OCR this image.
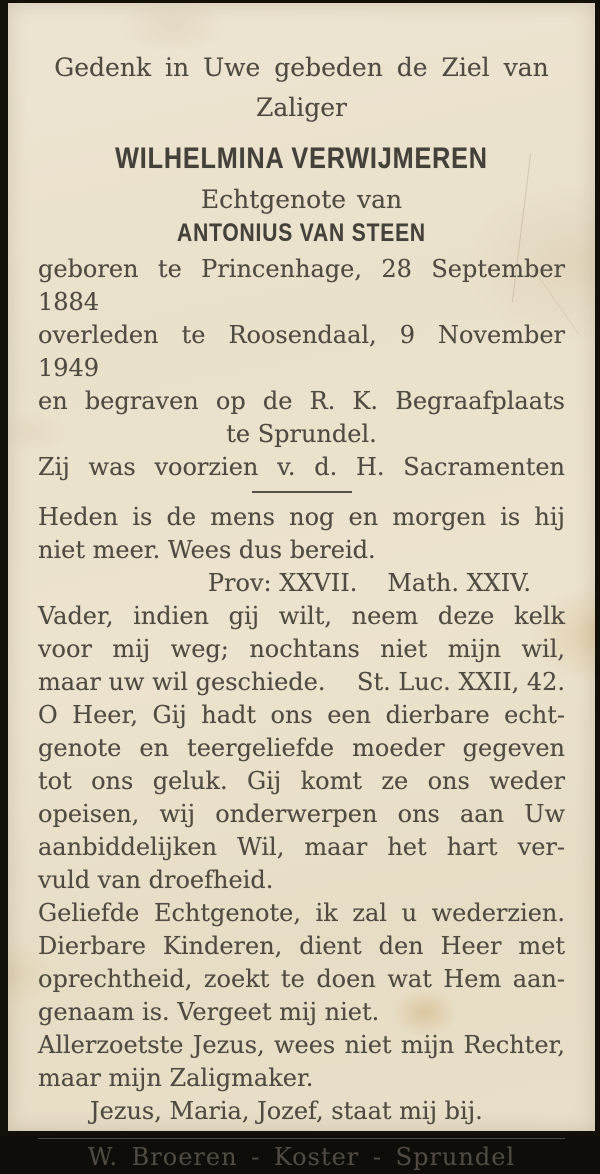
Gedenk in Uwe gebeden de Ziel van
Zaliger
WILHELMINA VERWIJMEREN
Echtgenote van
ANTONIUS VAN STEEN
geboren te Princenhage, 28 September 1884
overleden te Roosendaal, 9 November 1949
en begraven op de R. K. Begraafplaats
te Sprundel.
Zij was voorzien v. d. H. Sacramenten
Heden is de mens nog en morgen is hij
niet meer. Wees dus bereid.
Prov: XXVII. Math. XXIV.
Vader, indien gij wilt, neem deze kelk
voor mij weg; nochtans niet mijn wil,
maar uw wil geschiede. St. Luc. XXII, 42.
O Heer, Gij hadt ons een dierbare echt-
genote en teergeliefde moeder gegeven
tot ons geluk. Gij komt ze ons weder
opeisen, wij onderwerpen ons aan Uw
aanbiddelijken Wil, maar het hart ver-
vuld van droefheid.
Geliefde Echtgenote, ik zal u wederzien.
Dierbare Kinderen, dient den Heer met
oprechtheid, zoekt te doen wat Hem aan-
genaam is. Vergeet mij niet.
Allerzoetste Jezus, wees niet mijn Rechter,
maar mijn Zaligmaker.
Jezus, Maria, Jozef, staat mij bij.
W. Broeren - Koster - Sprundel
